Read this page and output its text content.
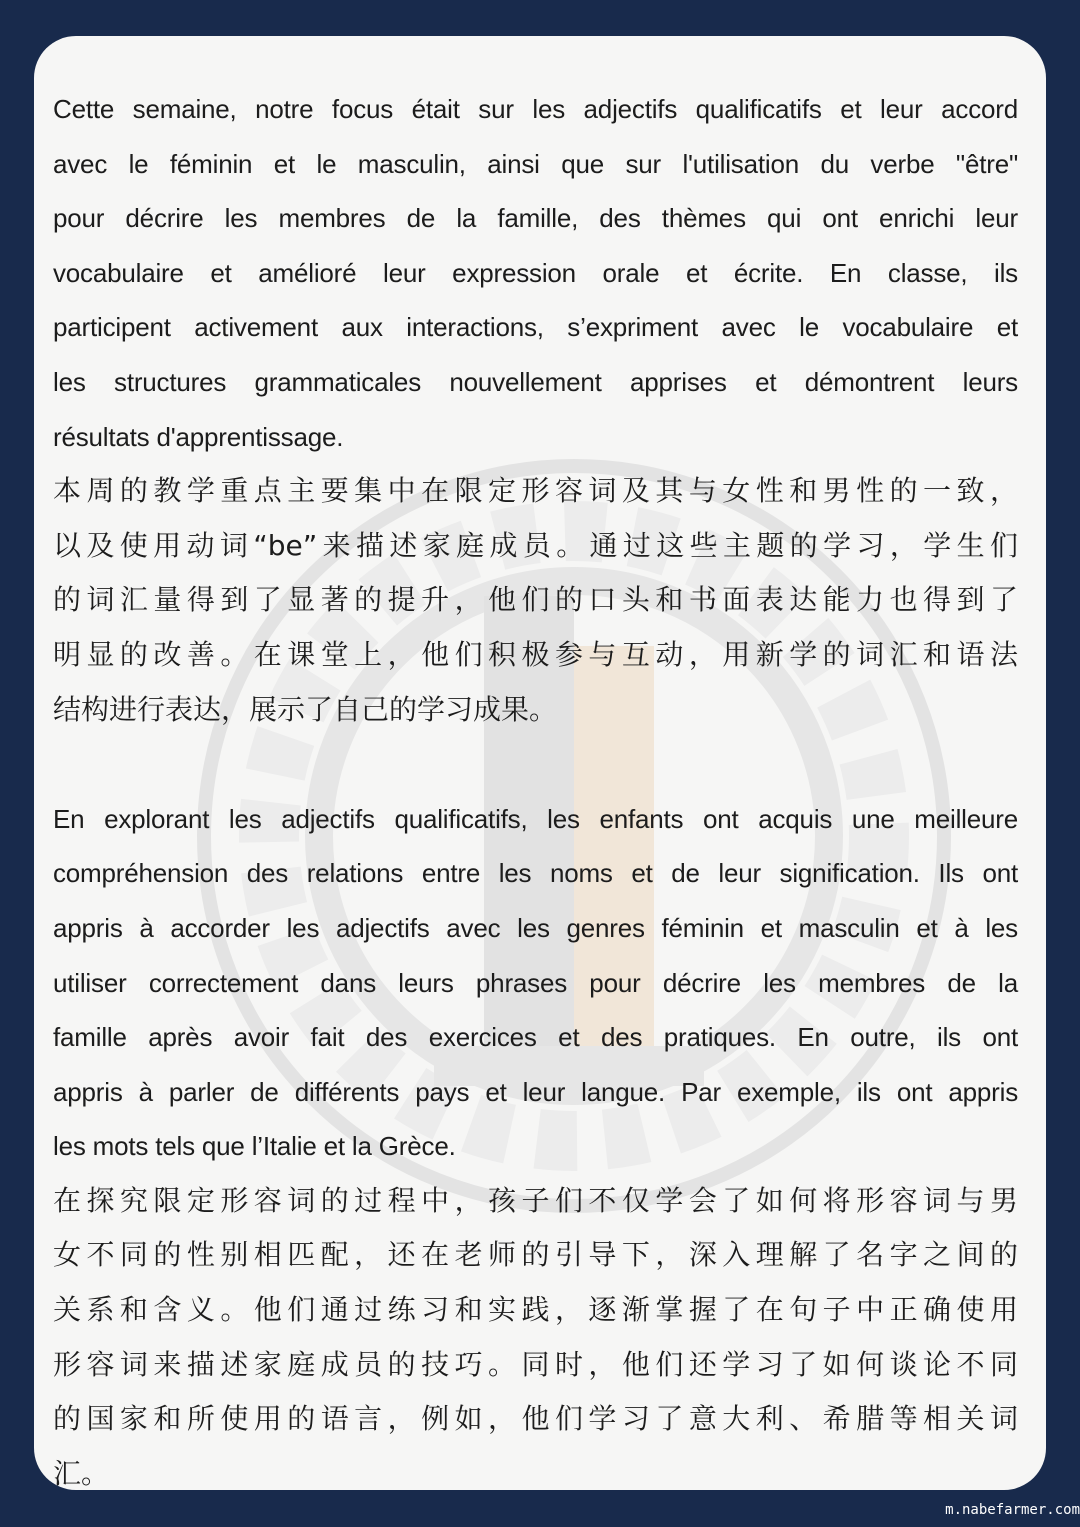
Cette semaine, notre focus était sur les adjectifs qualificatifs et leur accord
avec le féminin et le masculin, ainsi que sur l'utilisation du verbe "être"
pour décrire les membres de la famille, des thèmes qui ont enrichi leur
vocabulaire et amélioré leur expression orale et écrite. En classe, ils
participent activement aux interactions, s’expriment avec le vocabulaire et
les structures grammaticales nouvellement apprises et démontrent leurs
résultats d'apprentissage.
本周的教学重点主要集中在限定形容词及其与女性和男性的一致，
以及使用动词“be”来描述家庭成员。通过这些主题的学习，学生们
的词汇量得到了显著的提升，他们的口头和书面表达能力也得到了
明显的改善。在课堂上，他们积极参与互动，用新学的词汇和语法
结构进行表达，展示了自己的学习成果。
En explorant les adjectifs qualificatifs, les enfants ont acquis une meilleure
compréhension des relations entre les noms et de leur signification. Ils ont
appris à accorder les adjectifs avec les genres féminin et masculin et à les
utiliser correctement dans leurs phrases pour décrire les membres de la
famille après avoir fait des exercices et des pratiques. En outre, ils ont
appris à parler de différents pays et leur langue. Par exemple, ils ont appris
les mots tels que l’Italie et la Grèce.
在探究限定形容词的过程中，孩子们不仅学会了如何将形容词与男
女不同的性别相匹配，还在老师的引导下，深入理解了名字之间的
关系和含义。他们通过练习和实践，逐渐掌握了在句子中正确使用
形容词来描述家庭成员的技巧。同时，他们还学习了如何谈论不同
的国家和所使用的语言，例如，他们学习了意大利、希腊等相关词
汇。
m.nabefarmer.com
